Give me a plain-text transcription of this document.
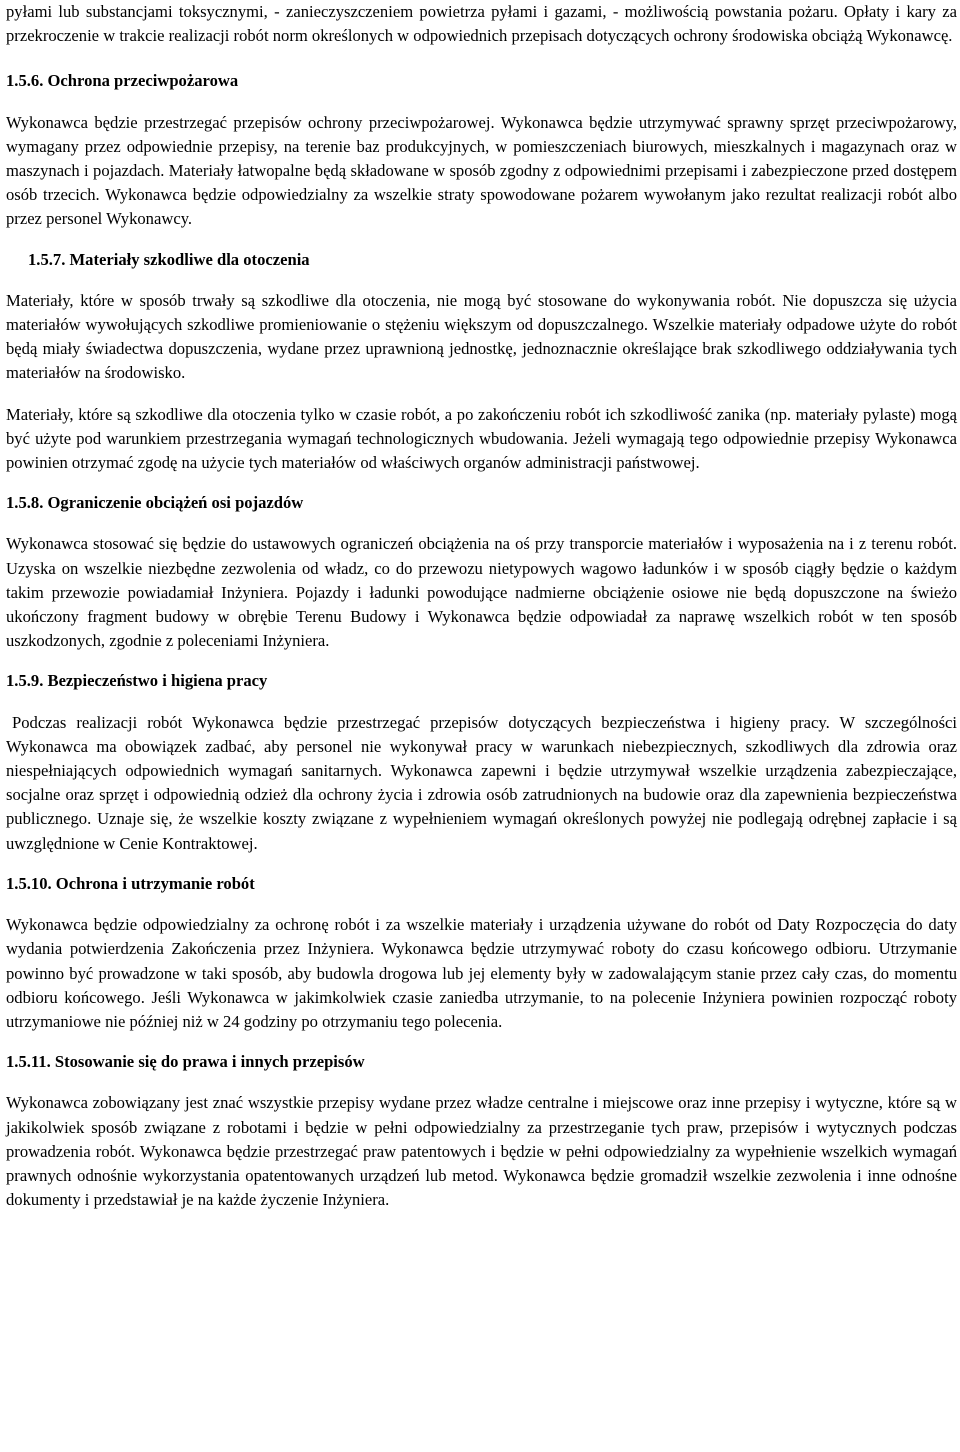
pyłami lub substancjami toksycznymi, - zanieczyszczeniem powietrza pyłami i gazami, - możliwością powstania pożaru. Opłaty i kary za przekroczenie w trakcie realizacji robót norm określonych w odpowiednich przepisach dotyczących ochrony środowiska obciążą Wykonawcę.

1.5.6. Ochrona przeciwpożarowa

Wykonawca będzie przestrzegać przepisów ochrony przeciwpożarowej. Wykonawca będzie utrzymywać sprawny sprzęt przeciwpożarowy, wymagany przez odpowiednie przepisy, na terenie baz produkcyjnych, w pomieszczeniach biurowych, mieszkalnych i magazynach oraz w maszynach i pojazdach. Materiały łatwopalne będą składowane w sposób zgodny z odpowiednimi przepisami i zabezpieczone przed dostępem osób trzecich. Wykonawca będzie odpowiedzialny za wszelkie straty spowodowane pożarem wywołanym jako rezultat realizacji robót albo przez personel Wykonawcy.

1.5.7. Materiały szkodliwe dla otoczenia

Materiały, które w sposób trwały są szkodliwe dla otoczenia, nie mogą być stosowane do wykonywania robót. Nie dopuszcza się użycia materiałów wywołujących szkodliwe promieniowanie o stężeniu większym od dopuszczalnego. Wszelkie materiały odpadowe użyte do robót będą miały świadectwa dopuszczenia, wydane przez uprawnioną jednostkę, jednoznacznie określające brak szkodliwego oddziaływania tych materiałów na środowisko.

Materiały, które są szkodliwe dla otoczenia tylko w czasie robót, a po zakończeniu robót ich szkodliwość zanika (np. materiały pylaste) mogą być użyte pod warunkiem przestrzegania wymagań technologicznych wbudowania. Jeżeli wymagają tego odpowiednie przepisy Wykonawca powinien otrzymać zgodę na użycie tych materiałów od właściwych organów administracji państwowej.

1.5.8. Ograniczenie obciążeń osi pojazdów

Wykonawca stosować się będzie do ustawowych ograniczeń obciążenia na oś przy transporcie materiałów i wyposażenia na i z terenu robót. Uzyska on wszelkie niezbędne zezwolenia od władz, co do przewozu nietypowych wagowo ładunków i w sposób ciągły będzie o każdym takim przewozie powiadamiał Inżyniera. Pojazdy i ładunki powodujące nadmierne obciążenie osiowe nie będą dopuszczone na świeżo ukończony fragment budowy w obrębie Terenu Budowy i Wykonawca będzie odpowiadał za naprawę wszelkich robót w ten sposób uszkodzonych, zgodnie z poleceniami Inżyniera.

1.5.9. Bezpieczeństwo i higiena pracy

Podczas realizacji robót Wykonawca będzie przestrzegać przepisów dotyczących bezpieczeństwa i higieny pracy. W szczególności Wykonawca ma obowiązek zadbać, aby personel nie wykonywał pracy w warunkach niebezpiecznych, szkodliwych dla zdrowia oraz niespełniających odpowiednich wymagań sanitarnych. Wykonawca zapewni i będzie utrzymywał wszelkie urządzenia zabezpieczające, socjalne oraz sprzęt i odpowiednią odzież dla ochrony życia i zdrowia osób zatrudnionych na budowie oraz dla zapewnienia bezpieczeństwa publicznego. Uznaje się, że wszelkie koszty związane z wypełnieniem wymagań określonych powyżej nie podlegają odrębnej zapłacie i są uwzględnione w Cenie Kontraktowej.

1.5.10. Ochrona i utrzymanie robót

Wykonawca będzie odpowiedzialny za ochronę robót i za wszelkie materiały i urządzenia używane do robót od Daty Rozpoczęcia do daty wydania potwierdzenia Zakończenia przez Inżyniera. Wykonawca będzie utrzymywać roboty do czasu końcowego odbioru. Utrzymanie powinno być prowadzone w taki sposób, aby budowla drogowa lub jej elementy były w zadowalającym stanie przez cały czas, do momentu odbioru końcowego. Jeśli Wykonawca w jakimkolwiek czasie zaniedba utrzymanie, to na polecenie Inżyniera powinien rozpocząć roboty utrzymaniowe nie później niż w 24 godziny po otrzymaniu tego polecenia.

1.5.11. Stosowanie się do prawa i innych przepisów

Wykonawca zobowiązany jest znać wszystkie przepisy wydane przez władze centralne i miejscowe oraz inne przepisy i wytyczne, które są w jakikolwiek sposób związane z robotami i będzie w pełni odpowiedzialny za przestrzeganie tych praw, przepisów i wytycznych podczas prowadzenia robót. Wykonawca będzie przestrzegać praw patentowych i będzie w pełni odpowiedzialny za wypełnienie wszelkich wymagań prawnych odnośnie wykorzystania opatentowanych urządzeń lub metod. Wykonawca będzie gromadził wszelkie zezwolenia i inne odnośne dokumenty i przedstawiał je na każde życzenie Inżyniera.
